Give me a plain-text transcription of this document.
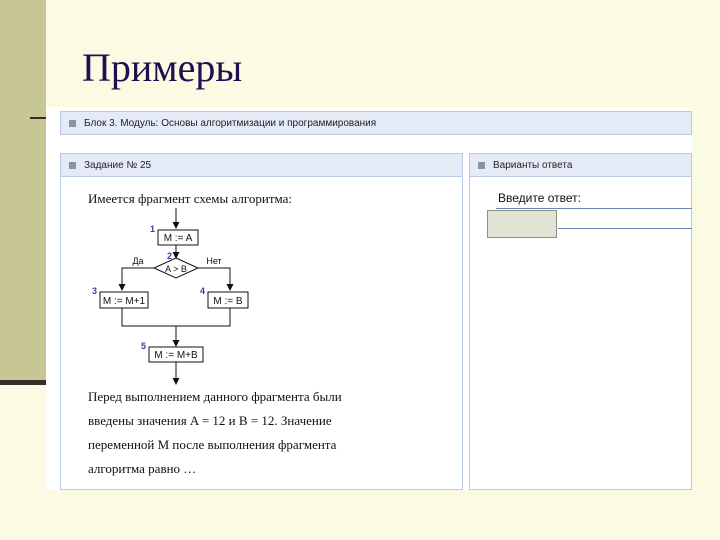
Примеры
Блок 3. Модуль: Основы алгоритмизации и программирования
Задание № 25	Варианты ответа
Имеется фрагмент схемы алгоритма:
M := A
A > B
M := M+1	M := B
M := M+B
Да	Нет
1
2
3	4
5
Перед выполнением данного фрагмента были
введены значения A = 12 и B = 12. Значение
переменной M после выполнения фрагмента
алгоритма равно …
Введите ответ:
